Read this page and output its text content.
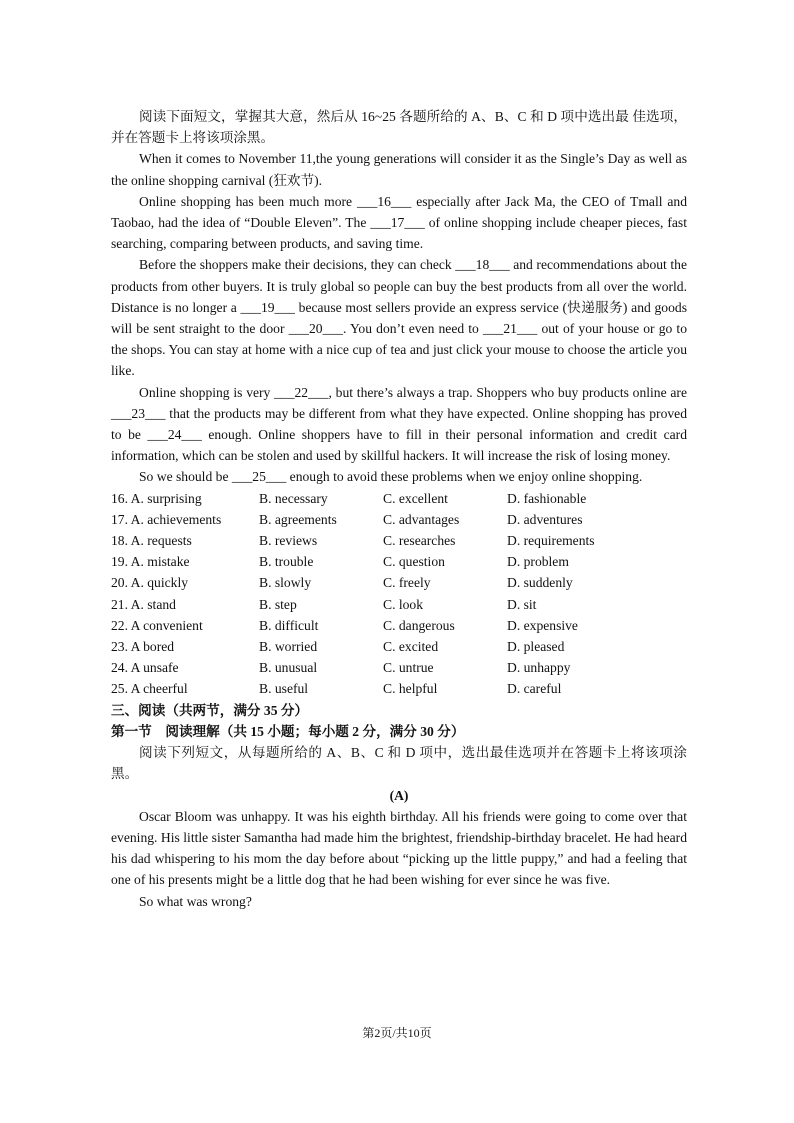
阅读下面短文，掌握其大意，然后从 16~25 各题所给的 A、B、C 和 D 项中选出最 佳选项，并在答题卡上将该项涂黑。

When it comes to November 11,the young generations will consider it as the Single’s Day as well as the online shopping carnival (狂欢节).

Online shopping has been much more ___16___ especially after Jack Ma, the CEO of Tmall and Taobao, had the idea of “Double Eleven”. The ___17___ of online shopping include cheaper pieces, fast searching, comparing between products, and saving time.

Before the shoppers make their decisions, they can check ___18___ and recommendations about the products from other buyers. It is truly global so people can buy the best products from all over the world. Distance is no longer a ___19___ because most sellers provide an express service (快递服务) and goods will be sent straight to the door ___20___. You don’t even need to ___21___ out of your house or go to the shops. You can stay at home with a nice cup of tea and just click your mouse to choose the article you like.

Online shopping is very ___22___, but there’s always a trap. Shoppers who buy products online are ___23___ that the products may be different from what they have expected. Online shopping has proved to be ___24___ enough. Online shoppers have to fill in their personal information and credit card information, which can be stolen and used by skillful hackers. It will increase the risk of losing money.

So we should be ___25___ enough to avoid these problems when we enjoy online shopping.

16. A. surprising	B. necessary	C. excellent	D. fashionable
17. A. achievements	B. agreements	C. advantages	D. adventures
18. A. requests	B. reviews	C. researches	D. requirements
19. A. mistake	B. trouble	C. question	D. problem
20. A. quickly	B. slowly	C. freely	D. suddenly
21. A. stand	B. step	C. look	D. sit
22. A convenient	B. difficult	C. dangerous	D. expensive
23. A bored	B. worried	C. excited	D. pleased
24. A unsafe	B. unusual	C. untrue	D. unhappy
25. A cheerful	B. useful	C. helpful	D. careful

三、阅读（共两节，满分 35 分）

第一节　阅读理解（共 15 小题；每小题 2 分，满分 30 分）

阅读下列短文，从每题所给的 A、B、C 和 D 项中，选出最佳选项并在答题卡上将该项涂黑。

(A)

Oscar Bloom was unhappy. It was his eighth birthday. All his friends were going to come over that evening. His little sister Samantha had made him the brightest, friendship-birthday bracelet. He had heard his dad whispering to his mom the day before about “picking up the little puppy,” and had a feeling that one of his presents might be a little dog that he had been wishing for ever since he was five.

So what was wrong?

第2页/共10页
